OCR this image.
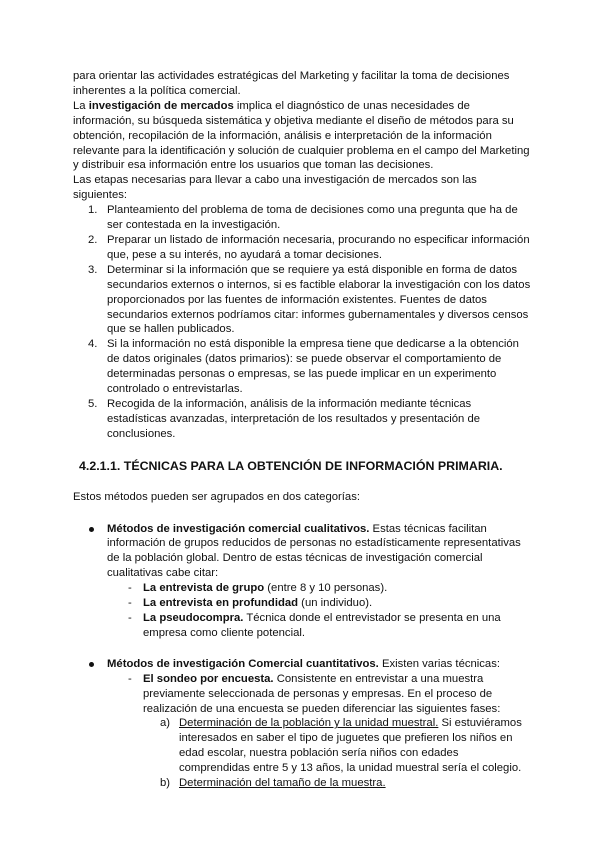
para orientar las actividades estratégicas del Marketing y facilitar la toma de decisiones inherentes a la política comercial.

La investigación de mercados implica el diagnóstico de unas necesidades de información, su búsqueda sistemática y objetiva mediante el diseño de métodos para su obtención, recopilación de la información, análisis e interpretación de la información relevante para la identificación y solución de cualquier problema en el campo del Marketing y distribuir esa información entre los usuarios que toman las decisiones.

Las etapas necesarias para llevar a cabo una investigación de mercados son las siguientes:

1. Planteamiento del problema de toma de decisiones como una pregunta que ha de ser contestada en la investigación.
2. Preparar un listado de información necesaria, procurando no especificar información que, pese a su interés, no ayudará a tomar decisiones.
3. Determinar si la información que se requiere ya está disponible en forma de datos secundarios externos o internos, si es factible elaborar la investigación con los datos proporcionados por las fuentes de información existentes. Fuentes de datos secundarios externos podríamos citar: informes gubernamentales y diversos censos que se hallen publicados.
4. Si la información no está disponible la empresa tiene que dedicarse a la obtención de datos originales (datos primarios): se puede observar el comportamiento de determinadas personas o empresas, se las puede implicar en un experimento controlado o entrevistarlas.
5. Recogida de la información, análisis de la información mediante técnicas estadísticas avanzadas, interpretación de los resultados y presentación de conclusiones.
4.2.1.1. TÉCNICAS PARA LA OBTENCIÓN DE INFORMACIÓN PRIMARIA.

Estos métodos pueden ser agrupados en dos categorías:

Métodos de investigación comercial cualitativos. Estas técnicas facilitan información de grupos reducidos de personas no estadísticamente representativas de la población global. Dentro de estas técnicas de investigación comercial cualitativas cabe citar:

- La entrevista de grupo (entre 8 y 10 personas).
- La entrevista en profundidad (un individuo).
- La pseudocompra. Técnica donde el entrevistador se presenta en una empresa como cliente potencial.

Métodos de investigación Comercial cuantitativos. Existen varias técnicas:

- El sondeo por encuesta. Consistente en entrevistar a una muestra previamente seleccionada de personas y empresas. En el proceso de realización de una encuesta se pueden diferenciar las siguientes fases:

a) Determinación de la población y la unidad muestral. Si estuviéramos interesados en saber el tipo de juguetes que prefieren los niños en edad escolar, nuestra población sería niños con edades comprendidas entre 5 y 13 años, la unidad muestral sería el colegio.
b) Determinación del tamaño de la muestra.
